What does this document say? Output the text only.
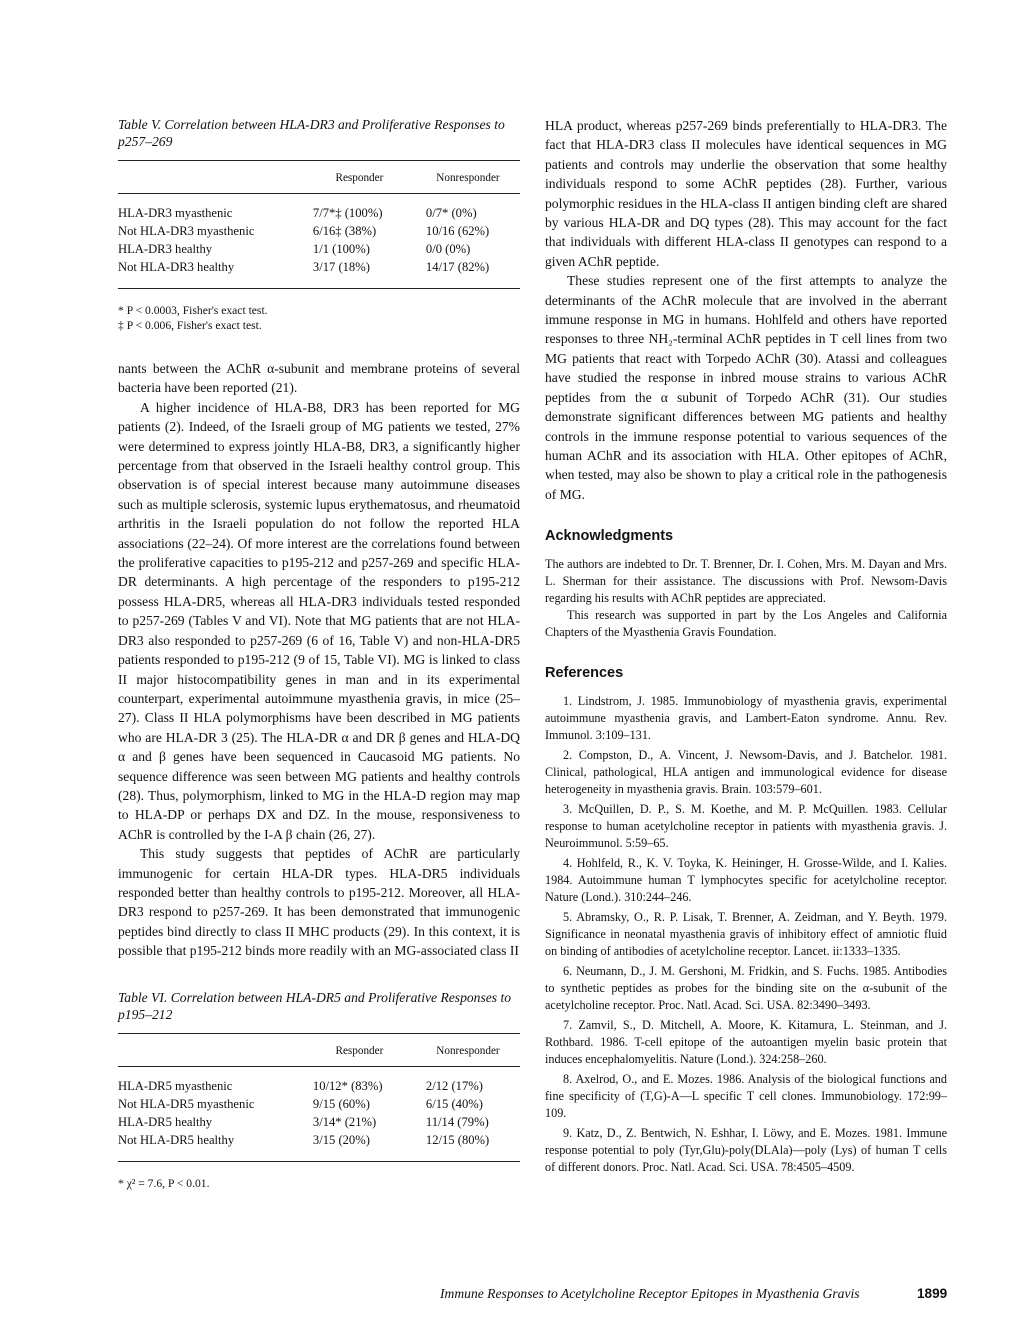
Table V. Correlation between HLA-DR3 and Proliferative Responses to p257–269
	Responder	Nonresponder
HLA-DR3 myasthenic	7/7*‡ (100%)	0/7* (0%)
Not HLA-DR3 myasthenic	6/16‡ (38%)	10/16 (62%)
HLA-DR3 healthy	1/1 (100%)	0/0 (0%)
Not HLA-DR3 healthy	3/17 (18%)	14/17 (82%)
* P < 0.0003, Fisher's exact test.
‡ P < 0.006, Fisher's exact test.

nants between the AChR α-subunit and membrane proteins of several bacteria have been reported (21).

A higher incidence of HLA-B8, DR3 has been reported for MG patients (2). Indeed, of the Israeli group of MG patients we tested, 27% were determined to express jointly HLA-B8, DR3, a significantly higher percentage from that observed in the Israeli healthy control group. This observation is of special interest because many autoimmune diseases such as multiple sclerosis, systemic lupus erythematosus, and rheumatoid arthritis in the Israeli population do not follow the reported HLA associations (22–24). Of more interest are the correlations found between the proliferative capacities to p195-212 and p257-269 and specific HLA-DR determinants. A high percentage of the responders to p195-212 possess HLA-DR5, whereas all HLA-DR3 individuals tested responded to p257-269 (Tables V and VI). Note that MG patients that are not HLA-DR3 also responded to p257-269 (6 of 16, Table V) and non-HLA-DR5 patients responded to p195-212 (9 of 15, Table VI). MG is linked to class II major histocompatibility genes in man and in its experimental counterpart, experimental autoimmune myasthenia gravis, in mice (25–27). Class II HLA polymorphisms have been described in MG patients who are HLA-DR 3 (25). The HLA-DR α and DR β genes and HLA-DQ α and β genes have been sequenced in Caucasoid MG patients. No sequence difference was seen between MG patients and healthy controls (28). Thus, polymorphism, linked to MG in the HLA-D region may map to HLA-DP or perhaps DX and DZ. In the mouse, responsiveness to AChR is controlled by the I-A β chain (26, 27).

This study suggests that peptides of AChR are particularly immunogenic for certain HLA-DR types. HLA-DR5 individuals responded better than healthy controls to p195-212. Moreover, all HLA-DR3 respond to p257-269. It has been demonstrated that immunogenic peptides bind directly to class II MHC products (29). In this context, it is possible that p195-212 binds more readily with an MG-associated class II

Table VI. Correlation between HLA-DR5 and Proliferative Responses to p195–212
	Responder	Nonresponder
HLA-DR5 myasthenic	10/12* (83%)	2/12 (17%)
Not HLA-DR5 myasthenic	9/15 (60%)	6/15 (40%)
HLA-DR5 healthy	3/14* (21%)	11/14 (79%)
Not HLA-DR5 healthy	3/15 (20%)	12/15 (80%)
* χ² = 7.6, P < 0.01.

HLA product, whereas p257-269 binds preferentially to HLA-DR3. The fact that HLA-DR3 class II molecules have identical sequences in MG patients and controls may underlie the observation that some healthy individuals respond to some AChR peptides (28). Further, various polymorphic residues in the HLA-class II antigen binding cleft are shared by various HLA-DR and DQ types (28). This may account for the fact that individuals with different HLA-class II genotypes can respond to a given AChR peptide.

These studies represent one of the first attempts to analyze the determinants of the AChR molecule that are involved in the aberrant immune response in MG in humans. Hohlfeld and others have reported responses to three NH₂-terminal AChR peptides in T cell lines from two MG patients that react with Torpedo AChR (30). Atassi and colleagues have studied the response in inbred mouse strains to various AChR peptides from the α subunit of Torpedo AChR (31). Our studies demonstrate significant differences between MG patients and healthy controls in the immune response potential to various sequences of the human AChR and its association with HLA. Other epitopes of AChR, when tested, may also be shown to play a critical role in the pathogenesis of MG.

Acknowledgments

The authors are indebted to Dr. T. Brenner, Dr. I. Cohen, Mrs. M. Dayan and Mrs. L. Sherman for their assistance. The discussions with Prof. Newsom-Davis regarding his results with AChR peptides are appreciated.

This research was supported in part by the Los Angeles and California Chapters of the Myasthenia Gravis Foundation.

References
1. Lindstrom, J. 1985. Immunobiology of myasthenia gravis, experimental autoimmune myasthenia gravis, and Lambert-Eaton syndrome. Annu. Rev. Immunol. 3:109–131.
2. Compston, D., A. Vincent, J. Newsom-Davis, and J. Batchelor. 1981. Clinical, pathological, HLA antigen and immunological evidence for disease heterogeneity in myasthenia gravis. Brain. 103:579–601.
3. McQuillen, D. P., S. M. Koethe, and M. P. McQuillen. 1983. Cellular response to human acetylcholine receptor in patients with myasthenia gravis. J. Neuroimmunol. 5:59–65.
4. Hohlfeld, R., K. V. Toyka, K. Heininger, H. Grosse-Wilde, and I. Kalies. 1984. Autoimmune human T lymphocytes specific for acetylcholine receptor. Nature (Lond.). 310:244–246.
5. Abramsky, O., R. P. Lisak, T. Brenner, A. Zeidman, and Y. Beyth. 1979. Significance in neonatal myasthenia gravis of inhibitory effect of amniotic fluid on binding of antibodies of acetylcholine receptor. Lancet. ii:1333–1335.
6. Neumann, D., J. M. Gershoni, M. Fridkin, and S. Fuchs. 1985. Antibodies to synthetic peptides as probes for the binding site on the α-subunit of the acetylcholine receptor. Proc. Natl. Acad. Sci. USA. 82:3490–3493.
7. Zamvil, S., D. Mitchell, A. Moore, K. Kitamura, L. Steinman, and J. Rothbard. 1986. T-cell epitope of the autoantigen myelin basic protein that induces encephalomyelitis. Nature (Lond.). 324:258–260.
8. Axelrod, O., and E. Mozes. 1986. Analysis of the biological functions and fine specificity of (T,G)-A—L specific T cell clones. Immunobiology. 172:99–109.
9. Katz, D., Z. Bentwich, N. Eshhar, I. Löwy, and E. Mozes. 1981. Immune response potential to poly (Tyr,Glu)-poly(DLAla)—poly (Lys) of human T cells of different donors. Proc. Natl. Acad. Sci. USA. 78:4505–4509.
Immune Responses to Acetylcholine Receptor Epitopes in Myasthenia Gravis	1899
